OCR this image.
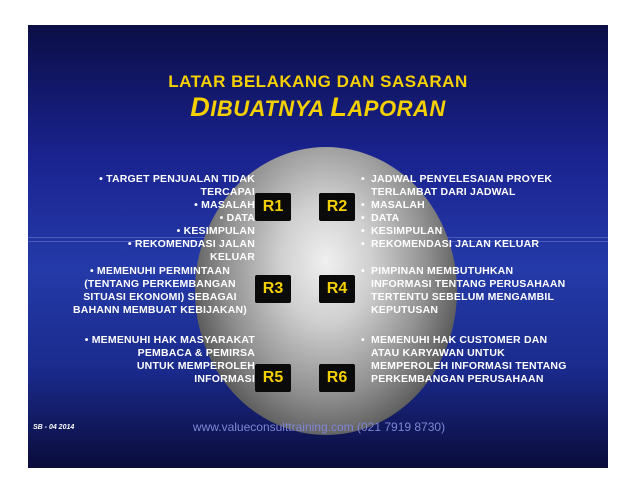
LATAR BELAKANG DAN SASARAN
DIBUATNYA LAPORAN
• TARGET PENJUALAN TIDAK
TERCAPAI
• MASALAH
• DATA
• KESIMPULAN
• REKOMENDASI JALAN
KELUAR
• JADWAL PENYELESAIAN PROYEK
TERLAMBAT DARI JADWAL
• MASALAH
• DATA
• KESIMPULAN
• REKOMENDASI JALAN KELUAR
• MEMENUHI PERMINTAAN
(TENTANG PERKEMBANGAN
SITUASI EKONOMI) SEBAGAI
BAHANN MEMBUAT KEBIJAKAN)
• PIMPINAN MEMBUTUHKAN
INFORMASI TENTANG PERUSAHAAN
TERTENTU SEBELUM MENGAMBIL
KEPUTUSAN
• MEMENUHI HAK MASYARAKAT
PEMBACA & PEMIRSA
UNTUK MEMPEROLEH
INFORMASI
• MEMENUHI HAK CUSTOMER DAN
ATAU KARYAWAN UNTUK
MEMPEROLEH INFORMASI TENTANG
PERKEMBANGAN PERUSAHAAN
R1	R2
R3	R4
R5	R6
SB - 04 2014	www.valueconsulttraining.com (021 7919 8730)
